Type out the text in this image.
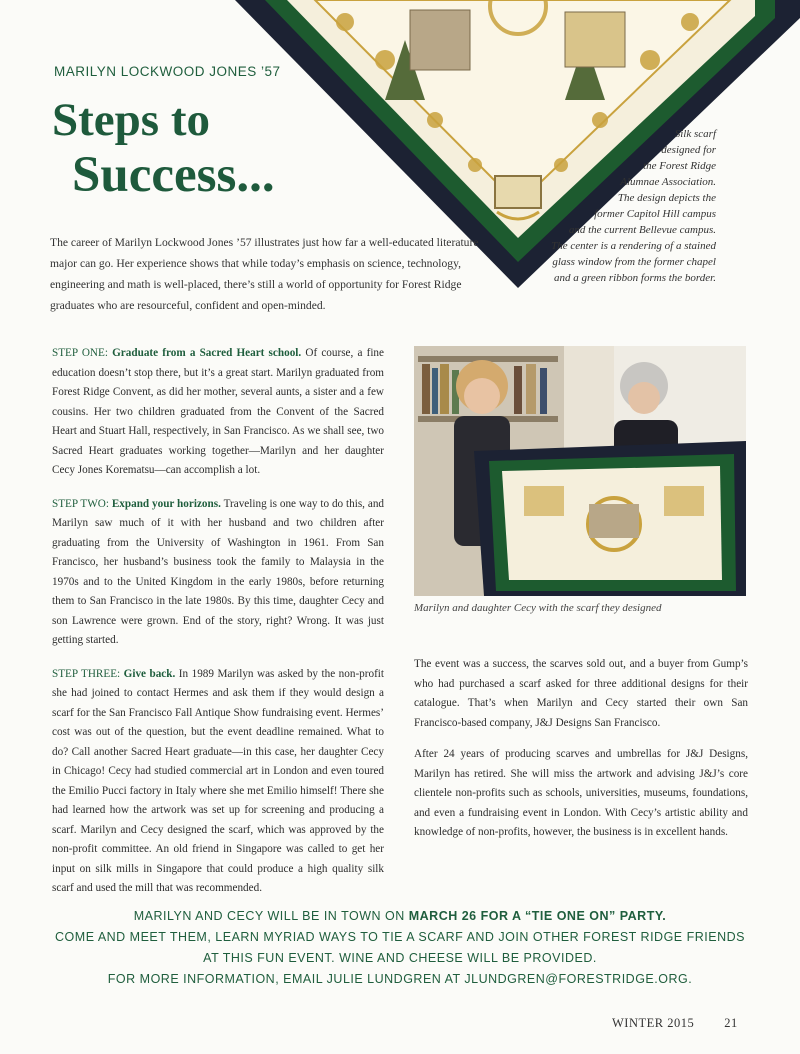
MARILYN LOCKWOOD JONES ’57
Steps to
Success...
Silk scarf
designed for
the Forest Ridge
Alumnae Association.
The design depicts the
former Capitol Hill campus
and the current Bellevue campus.
The center is a rendering of a stained
glass window from the former chapel
and a green ribbon forms the border.
The career of Marilyn Lockwood Jones ’57 illustrates just how far a well-educated literature major can go. Her experience shows that while today’s emphasis on science, technology, engineering and math is well-placed, there’s still a world of opportunity for Forest Ridge graduates who are resourceful, confident and open-minded.

STEP ONE: Graduate from a Sacred Heart school. Of course, a fine education doesn’t stop there, but it’s a great start. Marilyn graduated from Forest Ridge Convent, as did her mother, several aunts, a sister and a few cousins. Her two children graduated from the Convent of the Sacred Heart and Stuart Hall, respectively, in San Francisco. As we shall see, two Sacred Heart graduates working together—Marilyn and her daughter Cecy Jones Korematsu—can accomplish a lot.

STEP TWO: Expand your horizons. Traveling is one way to do this, and Marilyn saw much of it with her husband and two children after graduating from the University of Washington in 1961. From San Francisco, her husband’s business took the family to Malaysia in the 1970s and to the United Kingdom in the early 1980s, before returning them to San Francisco in the late 1980s. By this time, daughter Cecy and son Lawrence were grown. End of the story, right? Wrong. It was just getting started.

STEP THREE: Give back. In 1989 Marilyn was asked by the non-profit she had joined to contact Hermes and ask them if they would design a scarf for the San Francisco Fall Antique Show fundraising event. Hermes’ cost was out of the question, but the event deadline remained. What to do? Call another Sacred Heart graduate—in this case, her daughter Cecy in Chicago! Cecy had studied commercial art in London and even toured the Emilio Pucci factory in Italy where she met Emilio himself! There she had learned how the artwork was set up for screening and producing a scarf. Marilyn and Cecy designed the scarf, which was approved by the non-profit committee. An old friend in Singapore was called to get her input on silk mills in Singapore that could produce a high quality silk scarf and used the mill that was recommended.

Marilyn and daughter Cecy with the scarf they designed

The event was a success, the scarves sold out, and a buyer from Gump’s who had purchased a scarf asked for three additional designs for their catalogue. That’s when Marilyn and Cecy started their own San Francisco-based company, J&J Designs San Francisco.

After 24 years of producing scarves and umbrellas for J&J Designs, Marilyn has retired. She will miss the artwork and advising J&J’s core clientele non-profits such as schools, universities, museums, foundations, and even a fundraising event in London. With Cecy’s artistic ability and knowledge of non-profits, however, the business is in excellent hands.

MARILYN AND CECY WILL BE IN TOWN ON MARCH 26 FOR A “TIE ONE ON” PARTY.
COME AND MEET THEM, LEARN MYRIAD WAYS TO TIE A SCARF AND JOIN OTHER FOREST RIDGE FRIENDS
AT THIS FUN EVENT. WINE AND CHEESE WILL BE PROVIDED.
FOR MORE INFORMATION, EMAIL JULIE LUNDGREN AT JLUNDGREN@FORESTRIDGE.ORG.
WINTER 2015 21
